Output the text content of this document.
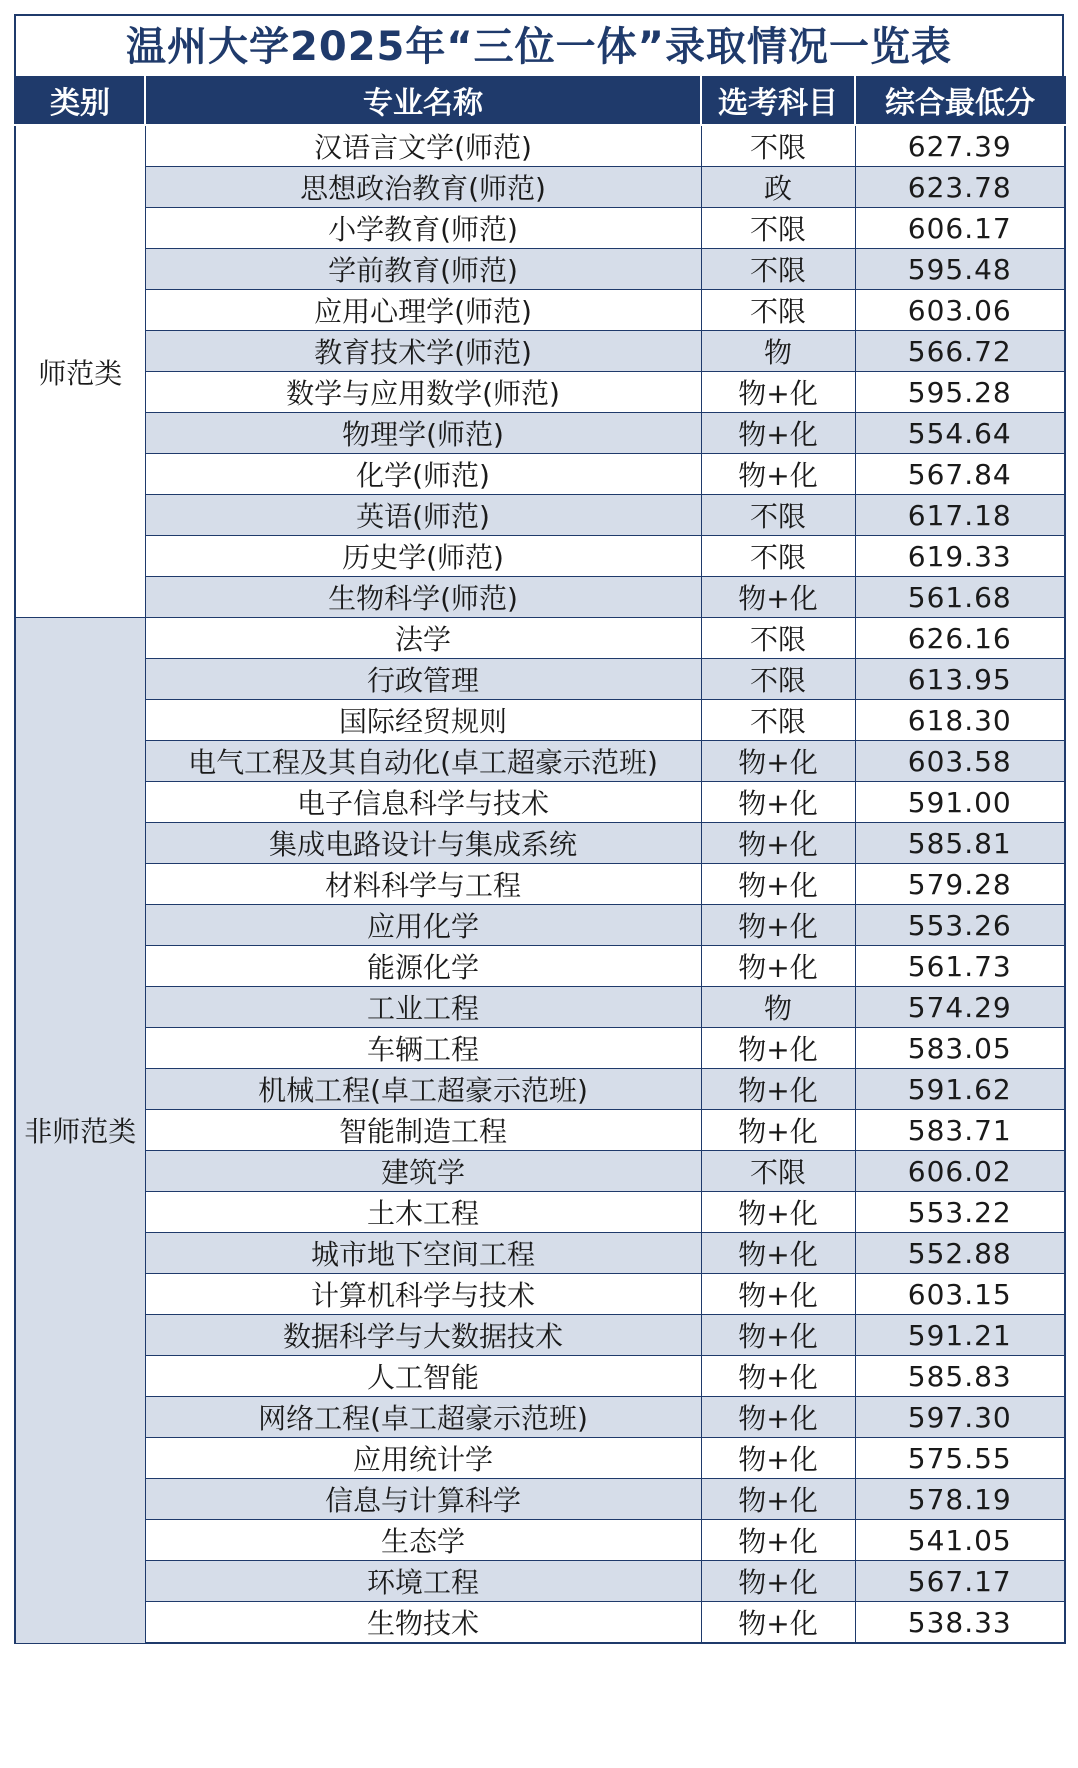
温州大学2025年“三位一体”录取情况一览表
类别	专业名称	选考科目	综合最低分
师范类	汉语言文学(师范)	不限	627.39
	思想政治教育(师范)	政	623.78
	小学教育(师范)	不限	606.17
	学前教育(师范)	不限	595.48
	应用心理学(师范)	不限	603.06
	教育技术学(师范)	物	566.72
	数学与应用数学(师范)	物+化	595.28
	物理学(师范)	物+化	554.64
	化学(师范)	物+化	567.84
	英语(师范)	不限	617.18
	历史学(师范)	不限	619.33
	生物科学(师范)	物+化	561.68
非师范类	法学	不限	626.16
	行政管理	不限	613.95
	国际经贸规则	不限	618.30
	电气工程及其自动化(卓工超豪示范班)	物+化	603.58
	电子信息科学与技术	物+化	591.00
	集成电路设计与集成系统	物+化	585.81
	材料科学与工程	物+化	579.28
	应用化学	物+化	553.26
	能源化学	物+化	561.73
	工业工程	物	574.29
	车辆工程	物+化	583.05
	机械工程(卓工超豪示范班)	物+化	591.62
	智能制造工程	物+化	583.71
	建筑学	不限	606.02
	土木工程	物+化	553.22
	城市地下空间工程	物+化	552.88
	计算机科学与技术	物+化	603.15
	数据科学与大数据技术	物+化	591.21
	人工智能	物+化	585.83
	网络工程(卓工超豪示范班)	物+化	597.30
	应用统计学	物+化	575.55
	信息与计算科学	物+化	578.19
	生态学	物+化	541.05
	环境工程	物+化	567.17
	生物技术	物+化	538.33
